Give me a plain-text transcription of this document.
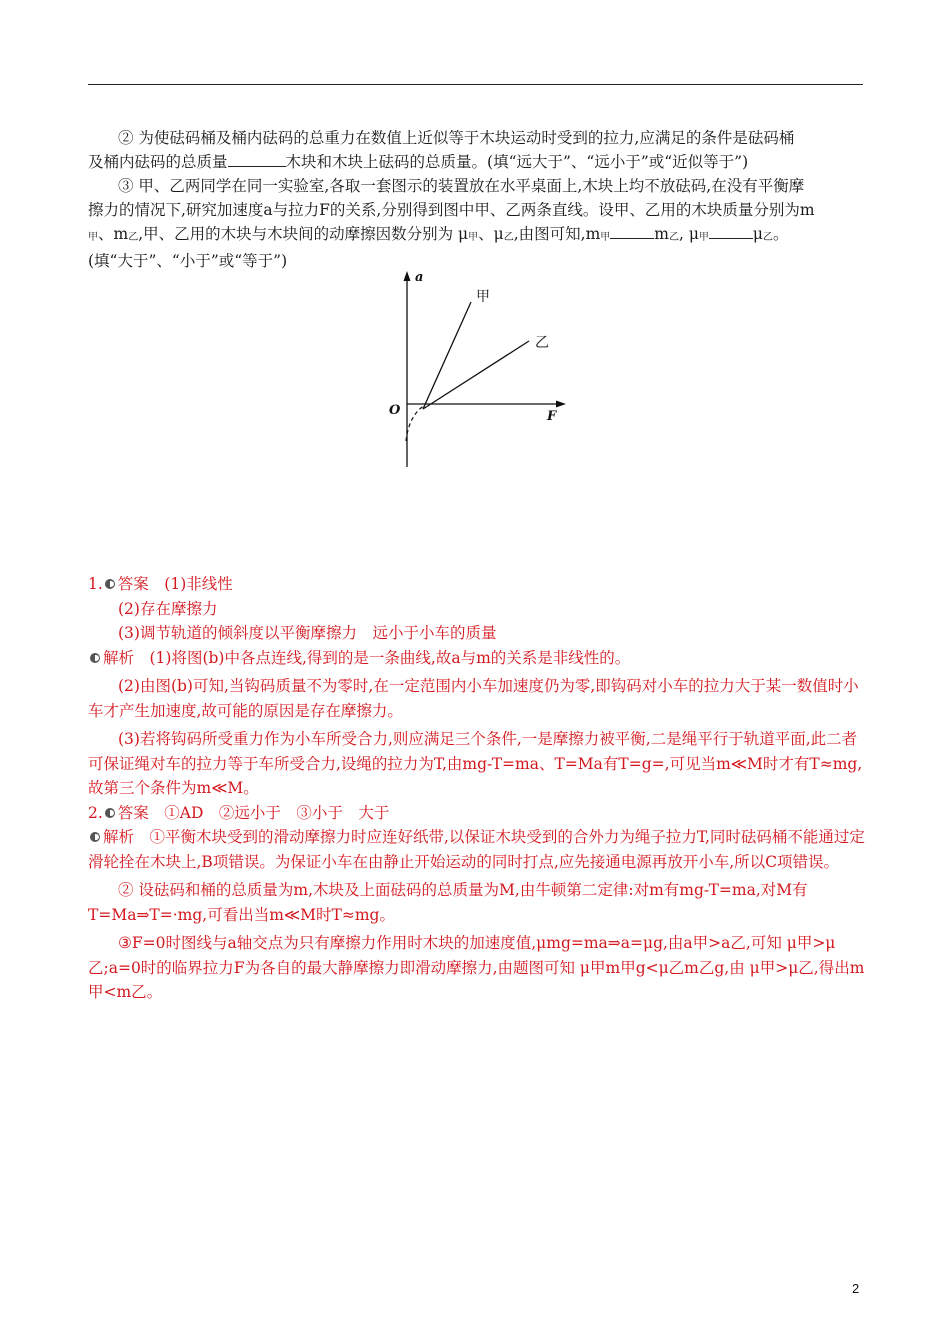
② 为使砝码桶及桶内砝码的总重力在数值上近似等于木块运动时受到的拉力,应满足的条件是砝码桶

及桶内砝码的总质量	木块和木块上砝码的总质量。(填“远大于”、“远小于”或“近似等于”)

③ 甲、乙两同学在同一实验室,各取一套图示的装置放在水平桌面上,木块上均不放砝码,在没有平衡摩

擦力的情况下,研究加速度a与拉力F的关系,分别得到图中甲、乙两条直线。设甲、乙用的木块质量分别为m

$_甲$、$m_乙$,甲、乙用的木块与木块间的动摩擦因数分别为 $\mu_甲$、$\mu_乙$,由图可知$,m_甲$	$m_乙$, $\mu_甲$	$\mu_乙$。

(填“大于”、“小于”或“等于”)

a
F
O
甲
乙
1. 答案　(1)非线性
(2)存在摩擦力
(3)调节轨道的倾斜度以平衡摩擦力　远小于小车的质量
解析　(1)将图(b)中各点连线,得到的是一条曲线,故a与m的关系是非线性的。
(2)由图(b)可知,当钩码质量不为零时,在一定范围内小车加速度仍为零,即钩码对小车的拉力大于某一数值时小车才产生加速度,故可能的原因是存在摩擦力。
(3)若将钩码所受重力作为小车所受合力,则应满足三个条件,一是摩擦力被平衡,二是绳平行于轨道平面,此二者可保证绳对车的拉力等于车所受合力,设绳的拉力为T,由mg-T=ma、T=Ma有T=g=,可见当m≪M时才有T≈mg,故第三个条件为m≪M。
2. 答案　①AD　②远小于　③小于　大于
解析　①平衡木块受到的滑动摩擦力时应连好纸带,以保证木块受到的合外力为绳子拉力T,同时砝码桶不能通过定滑轮拴在木块上,B项错误。为保证小车在由静止开始运动的同时打点,应先接通电源再放开小车,所以C项错误。
② 设砝码和桶的总质量为m,木块及上面砝码的总质量为M,由牛顿第二定律:对m有mg-T=ma,对M有T=Ma⇒T=·mg,可看出当m≪M时T≈mg。
③F=0时图线与a轴交点为只有摩擦力作用时木块的加速度值,μmg=ma⇒a=μg,由a甲>a乙,可知 μ甲>μ乙;a=0时的临界拉力F为各自的最大静摩擦力即滑动摩擦力,由题图可知 μ甲m甲g<μ乙m乙g,由 μ甲>μ乙,得出m甲<m乙。
2
